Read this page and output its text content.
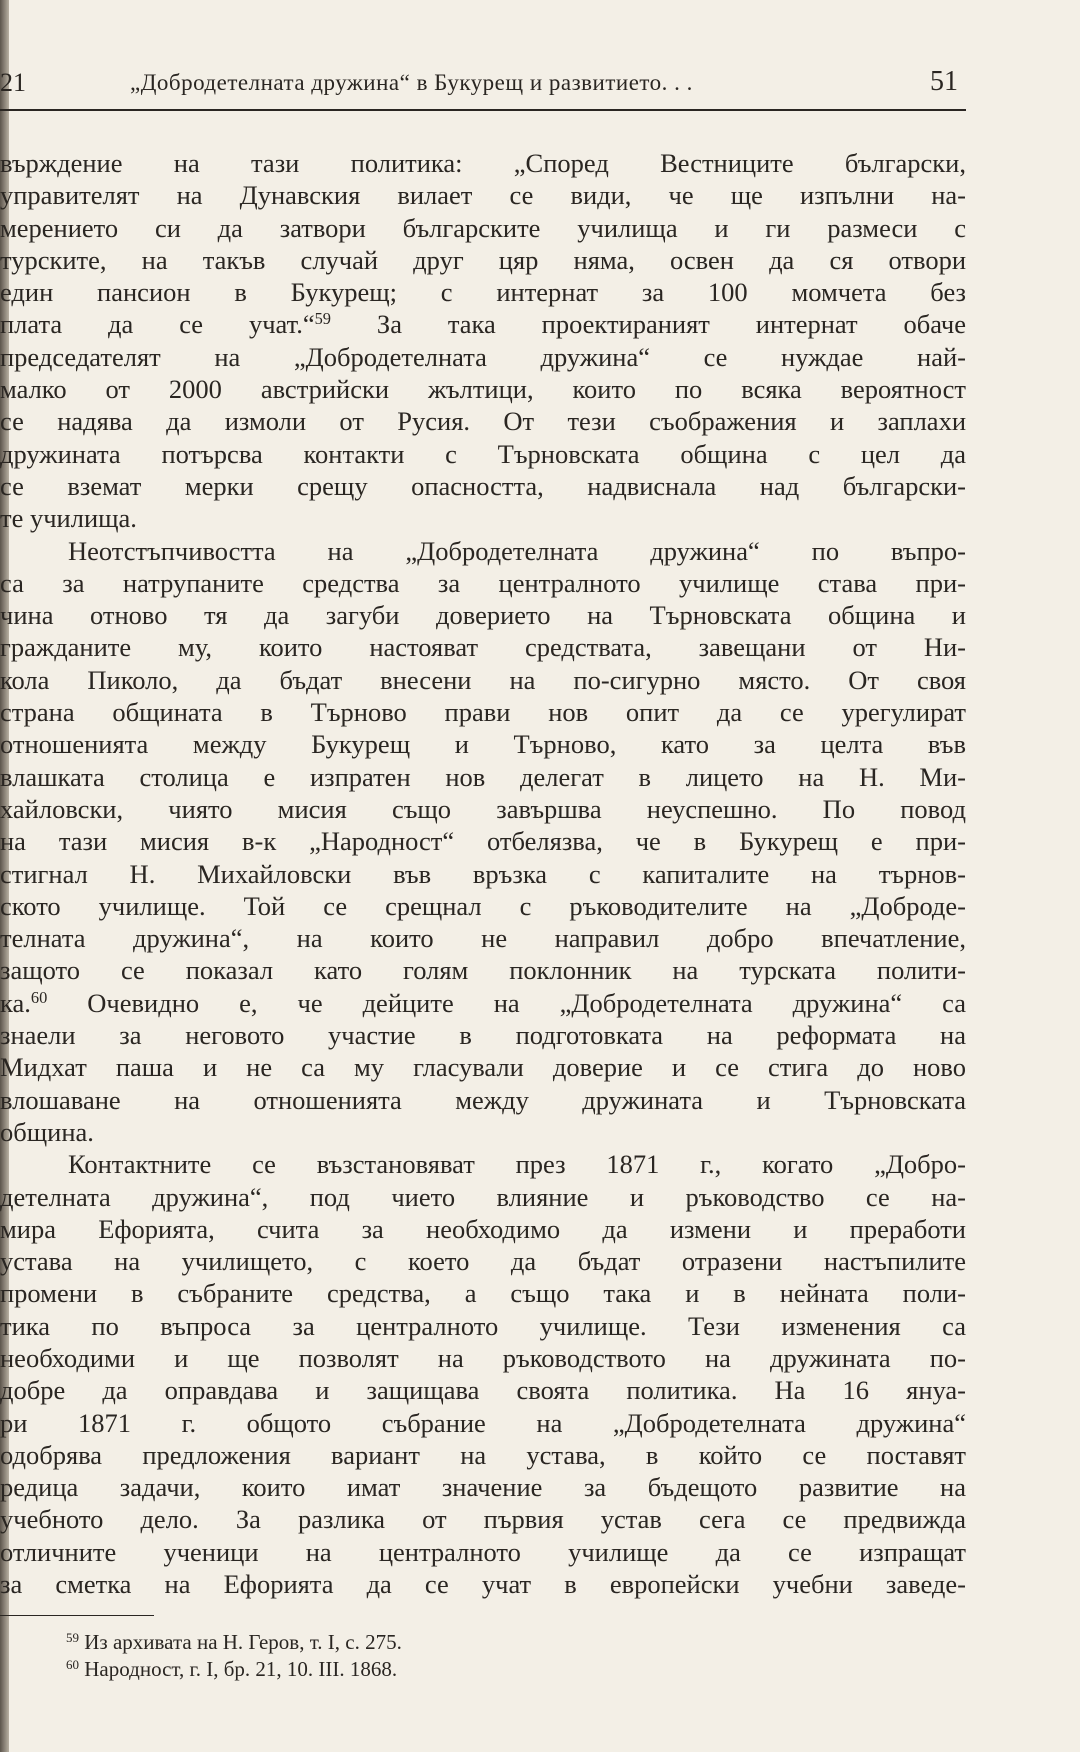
21	„Добродетелната дружина“ в Букурещ и развитието. . .	51
върждение на тази политика: „Според Вестниците български,
управителят на Дунавския вилает се види, че ще изпълни на-
мерението си да затвори българските училища и ги размеси с
турските, на такъв случай друг цяр няма, освен да ся отвори
един пансион в Букурещ; с интернат за 100 момчета без
плата да се учат.“$^{59}$ За така проектираният интернат обаче
председателят на „Добродетелната дружина“ се нуждае най-
малко от 2000 австрийски жълтици, които по всяка вероятност
се надява да измоли от Русия. От тези съображения и заплахи
дружината потърсва контакти с Търновската община с цел да
се вземат мерки срещу опасността, надвиснала над български-
те училища.
Неотстъпчивостта на „Добродетелната дружина“ по въпро-
са за натрупаните средства за централното училище става при-
чина отново тя да загуби доверието на Търновската община и
гражданите му, които настояват средствата, завещани от Ни-
кола Пиколо, да бъдат внесени на по-сигурно място. От своя
страна общината в Търново прави нов опит да се урегулират
отношенията между Букурещ и Търново, като за целта във
влашката столица е изпратен нов делегат в лицето на Н. Ми-
хайловски, чиято мисия също завършва неуспешно. По повод
на тази мисия в-к „Народност“ отбелязва, че в Букурещ е при-
стигнал Н. Михайловски във връзка с капиталите на търнов-
ското училище. Той се срещнал с ръководителите на „Доброде-
телната дружина“, на които не направил добро впечатление,
защото се показал като голям поклонник на турската полити-
ка.$^{60}$ Очевидно е, че дейците на „Добродетелната дружина“ са
знаели за неговото участие в подготовката на реформата на
Мидхат паша и не са му гласували доверие и се стига до ново
влошаване на отношенията между дружината и Търновската
община.
Контактните се възстановяват през 1871 г., когато „Добро-
детелната дружина“, под чието влияние и ръководство се на-
мира Ефорията, счита за необходимо да измени и преработи
устава на училището, с което да бъдат отразени настъпилите
промени в събраните средства, а също така и в нейната поли-
тика по въпроса за централното училище. Тези изменения са
необходими и ще позволят на ръководството на дружината по-
добре да оправдава и защищава своята политика. На 16 януа-
ри 1871 г. общото събрание на „Добродетелната дружина“
одобрява предложения вариант на устава, в който се поставят
редица задачи, които имат значение за бъдещото развитие на
учебното дело. За разлика от първия устав сега се предвижда
отличните ученици на централното училище да се изпращат
за сметка на Ефорията да се учат в европейски учебни заведе-
$^{59}$ Из архивата на Н. Геров, т. I, с. 275.
$^{60}$ Народност, г. I, бр. 21, 10. III. 1868.
